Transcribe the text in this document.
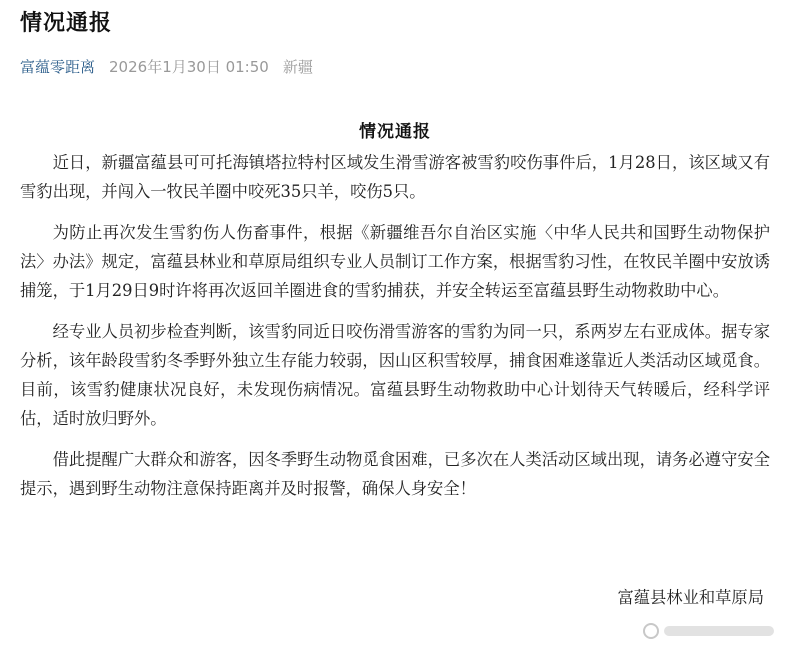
情况通报
富蕴零距离 2026年1月30日 01:50 新疆
情况通报

近日，新疆富蕴县可可托海镇塔拉特村区域发生滑雪游客被雪豹咬伤事件后，1月28日，该区域又有雪豹出现，并闯入一牧民羊圈中咬死35只羊，咬伤5只。

为防止再次发生雪豹伤人伤畜事件，根据《新疆维吾尔自治区实施〈中华人民共和国野生动物保护法〉办法》规定，富蕴县林业和草原局组织专业人员制订工作方案，根据雪豹习性，在牧民羊圈中安放诱捕笼，于1月29日9时许将再次返回羊圈进食的雪豹捕获，并安全转运至富蕴县野生动物救助中心。

经专业人员初步检查判断，该雪豹同近日咬伤滑雪游客的雪豹为同一只，系两岁左右亚成体。据专家分析，该年龄段雪豹冬季野外独立生存能力较弱，因山区积雪较厚，捕食困难遂靠近人类活动区域觅食。目前，该雪豹健康状况良好，未发现伤病情况。富蕴县野生动物救助中心计划待天气转暖后，经科学评估，适时放归野外。

借此提醒广大群众和游客，因冬季野生动物觅食困难，已多次在人类活动区域出现，请务必遵守安全提示，遇到野生动物注意保持距离并及时报警，确保人身安全！

富蕴县林业和草原局
